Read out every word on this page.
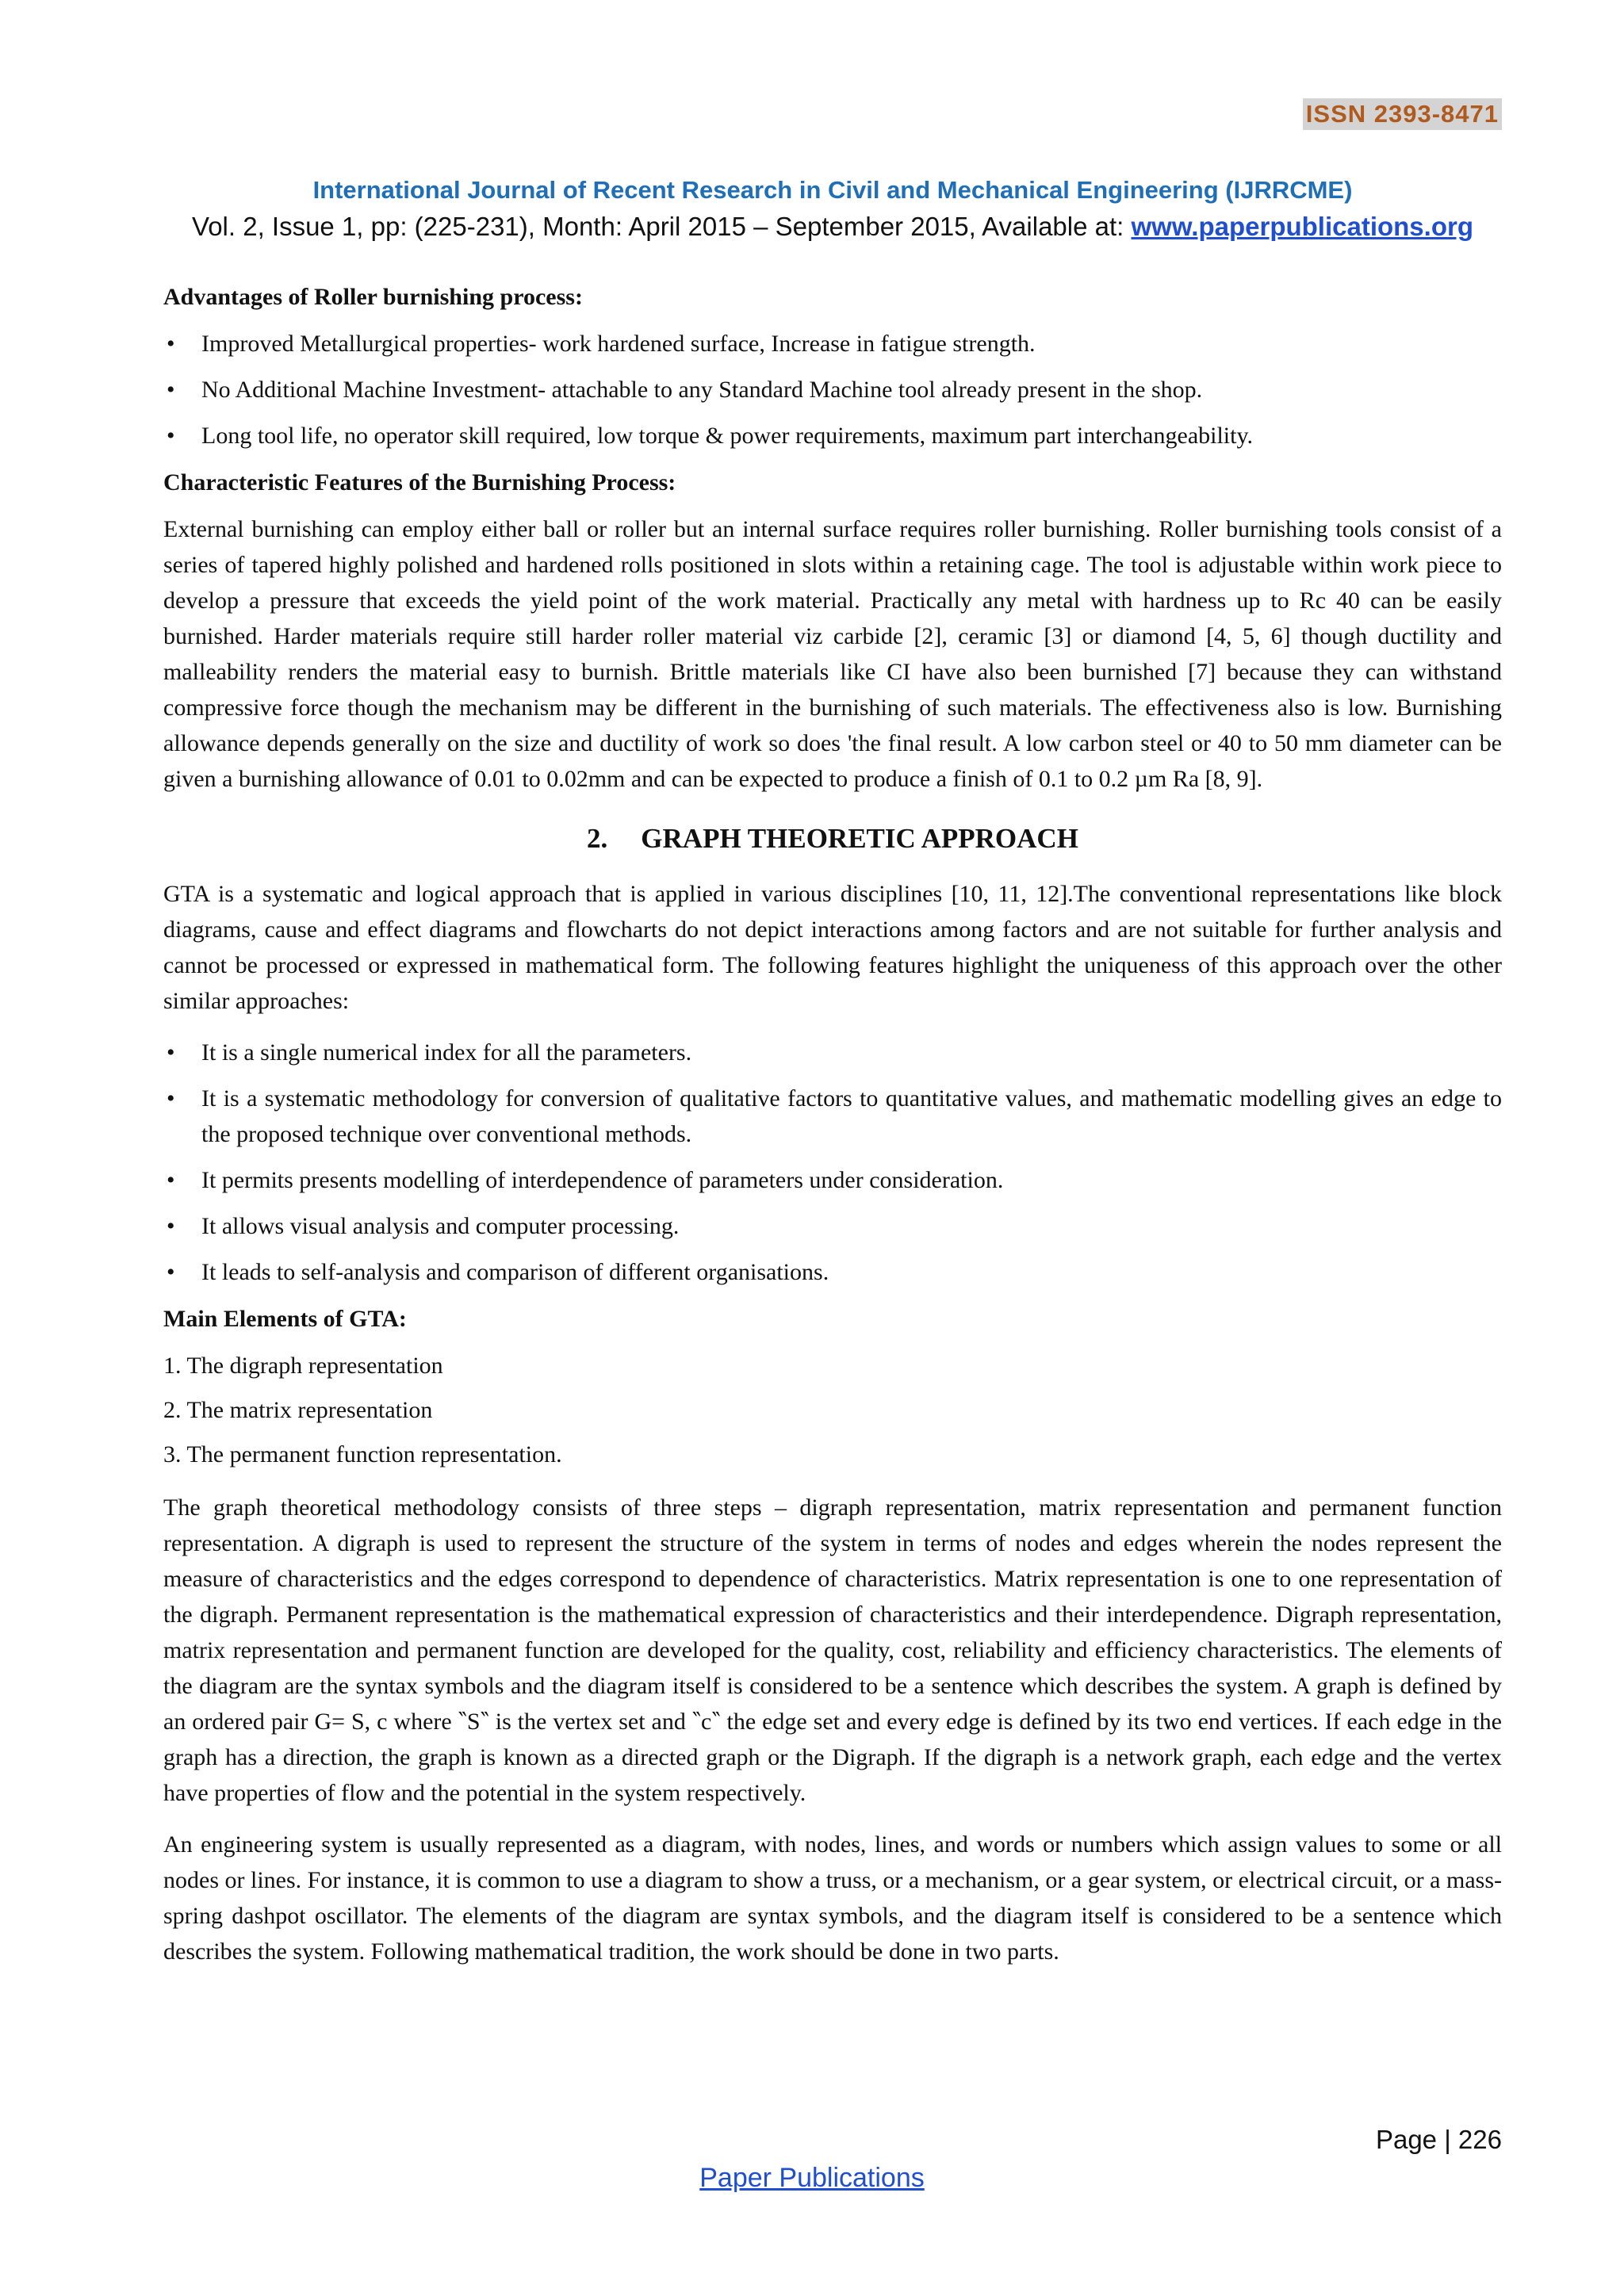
ISSN 2393-8471
International Journal of Recent Research in Civil and Mechanical Engineering (IJRRCME)
Vol. 2, Issue 1, pp: (225-231), Month: April 2015 – September 2015, Available at: www.paperpublications.org
Advantages of Roller burnishing process:
• Improved Metallurgical properties- work hardened surface, Increase in fatigue strength.
• No Additional Machine Investment- attachable to any Standard Machine tool already present in the shop.
• Long tool life, no operator skill required, low torque & power requirements, maximum part interchangeability.
Characteristic Features of the Burnishing Process:

External burnishing can employ either ball or roller but an internal surface requires roller burnishing. Roller burnishing tools consist of a series of tapered highly polished and hardened rolls positioned in slots within a retaining cage. The tool is adjustable within work piece to develop a pressure that exceeds the yield point of the work material. Practically any metal with hardness up to Rc 40 can be easily burnished. Harder materials require still harder roller material viz carbide [2], ceramic [3] or diamond [4, 5, 6] though ductility and malleability renders the material easy to burnish. Brittle materials like CI have also been burnished [7] because they can withstand compressive force though the mechanism may be different in the burnishing of such materials. The effectiveness also is low. Burnishing allowance depends generally on the size and ductility of work so does 'the final result. A low carbon steel or 40 to 50 mm diameter can be given a burnishing allowance of 0.01 to 0.02mm and can be expected to produce a finish of 0.1 to 0.2 µm Ra [8, 9].

2. GRAPH THEORETIC APPROACH

GTA is a systematic and logical approach that is applied in various disciplines [10, 11, 12].The conventional representations like block diagrams, cause and effect diagrams and flowcharts do not depict interactions among factors and are not suitable for further analysis and cannot be processed or expressed in mathematical form. The following features highlight the uniqueness of this approach over the other similar approaches:

• It is a single numerical index for all the parameters.
• It is a systematic methodology for conversion of qualitative factors to quantitative values, and mathematic modelling gives an edge to the proposed technique over conventional methods.
• It permits presents modelling of interdependence of parameters under consideration.
• It allows visual analysis and computer processing.
• It leads to self-analysis and comparison of different organisations.
Main Elements of GTA:
1. The digraph representation
2. The matrix representation
3. The permanent function representation.

The graph theoretical methodology consists of three steps – digraph representation, matrix representation and permanent function representation. A digraph is used to represent the structure of the system in terms of nodes and edges wherein the nodes represent the measure of characteristics and the edges correspond to dependence of characteristics. Matrix representation is one to one representation of the digraph. Permanent representation is the mathematical expression of characteristics and their interdependence. Digraph representation, matrix representation and permanent function are developed for the quality, cost, reliability and efficiency characteristics. The elements of the diagram are the syntax symbols and the diagram itself is considered to be a sentence which describes the system. A graph is defined by an ordered pair G= S, c where ‶S‶ is the vertex set and ‶c‶ the edge set and every edge is defined by its two end vertices. If each edge in the graph has a direction, the graph is known as a directed graph or the Digraph. If the digraph is a network graph, each edge and the vertex have properties of flow and the potential in the system respectively.

An engineering system is usually represented as a diagram, with nodes, lines, and words or numbers which assign values to some or all nodes or lines. For instance, it is common to use a diagram to show a truss, or a mechanism, or a gear system, or electrical circuit, or a mass-spring dashpot oscillator. The elements of the diagram are syntax symbols, and the diagram itself is considered to be a sentence which describes the system. Following mathematical tradition, the work should be done in two parts.

Page | 226
Paper Publications
